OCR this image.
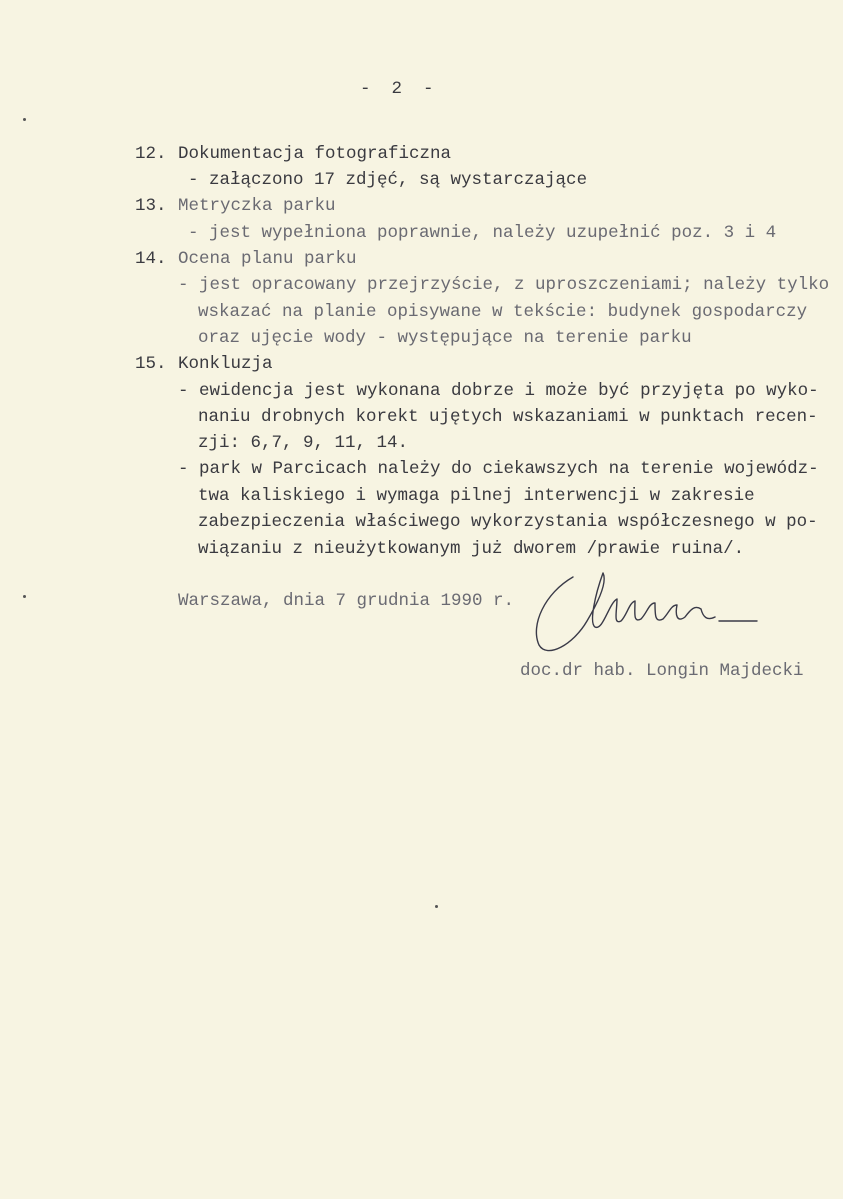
-  2  -
12. Dokumentacja fotograficzna
- załączono 17 zdjęć, są wystarczające
13. Metryczka parku
- jest wypełniona poprawnie, należy uzupełnić poz. 3 i 4
14. Ocena planu parku
- jest opracowany przejrzyście, z uproszczeniami; należy tylko
wskazać na planie opisywane w tekście: budynek gospodarczy
oraz ujęcie wody - występujące na terenie parku
15. Konkluzja
- ewidencja jest wykonana dobrze i może być przyjęta po wyko-
naniu drobnych korekt ujętych wskazaniami w punktach recen-
zji: 6,7, 9, 11, 14.
- park w Parcicach należy do ciekawszych na terenie wojewódz-
twa kaliskiego i wymaga pilnej interwencji w zakresie
zabezpieczenia właściwego wykorzystania współczesnego w po-
wiązaniu z nieużytkowanym już dworem /prawie ruina/.
Warszawa, dnia 7 grudnia 1990 r.
doc.dr hab. Longin Majdecki
